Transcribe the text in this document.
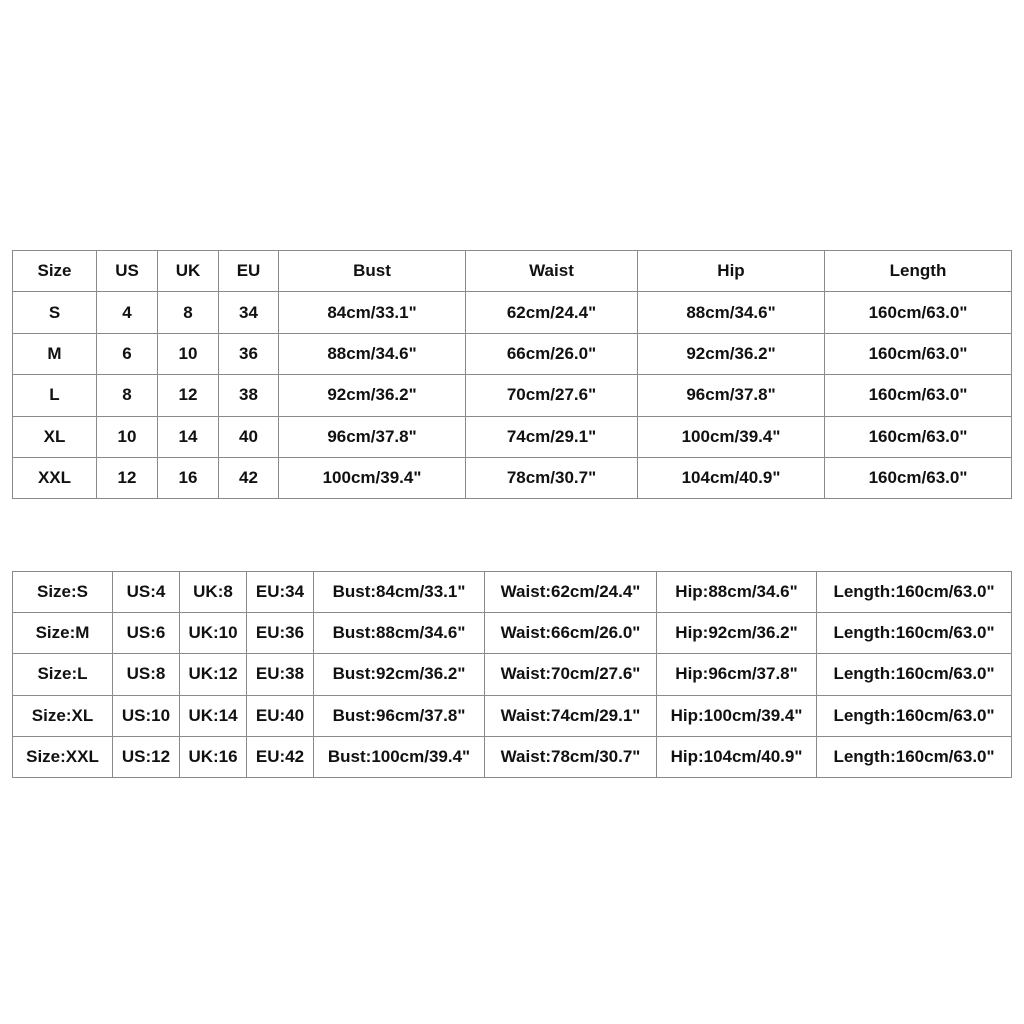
Size	US	UK	EU	Bust	Waist	Hip	Length
S	4	8	34	84cm/33.1"	62cm/24.4"	88cm/34.6"	160cm/63.0"
M	6	10	36	88cm/34.6"	66cm/26.0"	92cm/36.2"	160cm/63.0"
L	8	12	38	92cm/36.2"	70cm/27.6"	96cm/37.8"	160cm/63.0"
XL	10	14	40	96cm/37.8"	74cm/29.1"	100cm/39.4"	160cm/63.0"
XXL	12	16	42	100cm/39.4"	78cm/30.7"	104cm/40.9"	160cm/63.0"
Size:S	US:4	UK:8	EU:34	Bust:84cm/33.1"	Waist:62cm/24.4"	Hip:88cm/34.6"	Length:160cm/63.0"
Size:M	US:6	UK:10	EU:36	Bust:88cm/34.6"	Waist:66cm/26.0"	Hip:92cm/36.2"	Length:160cm/63.0"
Size:L	US:8	UK:12	EU:38	Bust:92cm/36.2"	Waist:70cm/27.6"	Hip:96cm/37.8"	Length:160cm/63.0"
Size:XL	US:10	UK:14	EU:40	Bust:96cm/37.8"	Waist:74cm/29.1"	Hip:100cm/39.4"	Length:160cm/63.0"
Size:XXL	US:12	UK:16	EU:42	Bust:100cm/39.4"	Waist:78cm/30.7"	Hip:104cm/40.9"	Length:160cm/63.0"
